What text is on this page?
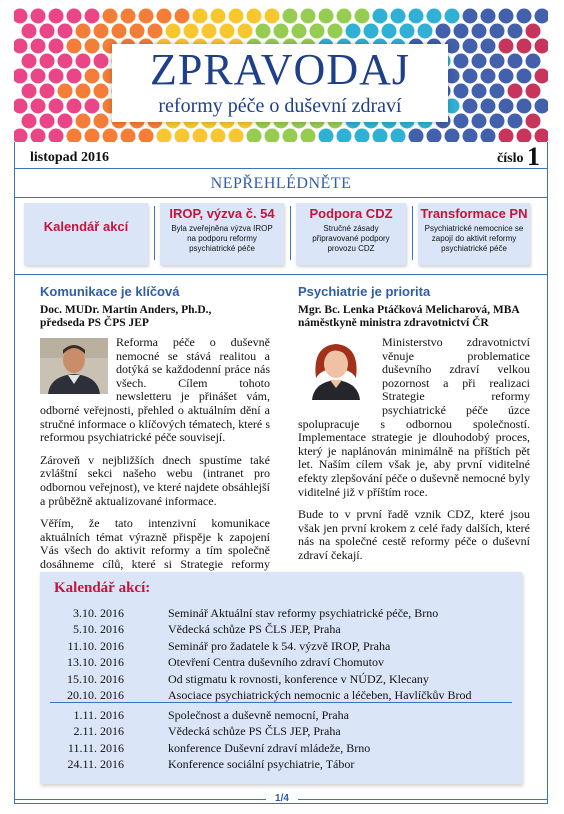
ZPRAVODAJ
reformy péče o duševní zdraví
listopad 2016	číslo 1
NEPŘEHLÉDNĚTE
Kalendář akcí
IROP, výzva č. 54
Byla zveřejněna výzva IROP na podporu reformy psychiatrické péče
Podpora CDZ
Stručné zásady připravované podpory provozu CDZ
Transformace PN
Psychiatrické nemocnice se zapojí do aktivit reformy psychiatrické péče
Komunikace je klíčová
Doc. MUDr. Martin Anders, Ph.D.,
předseda PS ČPS JEP

Reforma péče o duševně nemocné se stává realitou a dotýká se každodenní práce nás všech. Cílem tohoto newsletteru je přinášet vám, odborné veřejnosti, přehled o aktuálním dění a stručné informace o klíčových tématech, které s reformou psychiatrické péče souvisejí.

Zároveň v nejbližších dnech spustíme také zvláštní sekci našeho webu (intranet pro odbornou veřejnost), ve které najdete obsáhlejší a průběžně aktualizované informace.

Věřím, že tato intenzivní komunikace aktuálních témat výrazně přispěje k zapojení Vás všech do aktivit reformy a tím společně dosáhneme cílů, které si Strategie reformy

Psychiatrie je priorita
Mgr. Bc. Lenka Ptáčková Melicharová, MBA
náměstkyně ministra zdravotnictví ČR

Ministerstvo zdravotnictví věnuje problematice duševního zdraví velkou pozornost a při realizaci Strategie reformy psychiatrické péče úzce spolupracuje s odbornou společností. Implementace strategie je dlouhodobý proces, který je naplánován minimálně na příštích pět let. Naším cílem však je, aby první viditelné efekty zlepšování péče o duševně nemocné byly viditelné již v příštím roce.

Bude to v první řadě vznik CDZ, které jsou však jen první krokem z celé řady dalších, které nás na společné cestě reformy péče o duševní zdraví čekají.

Kalendář akcí:
3.10. 2016	Seminář Aktuální stav reformy psychiatrické péče, Brno
5.10. 2016	Vědecká schůze PS ČLS JEP, Praha
11.10. 2016	Seminář pro žadatele k 54. výzvě IROP, Praha
13.10. 2016	Otevření Centra duševního zdraví Chomutov
15.10. 2016	Od stigmatu k rovnosti, konference v NÚDZ, Klecany
20.10. 2016	Asociace psychiatrických nemocnic a léčeben, Havlíčkův Brod
1.11. 2016	Společnost a duševně nemocní, Praha
2.11. 2016	Vědecká schůze PS ČLS JEP, Praha
11.11. 2016	konference Duševní zdraví mládeže, Brno
24.11. 2016	Konference sociální psychiatrie, Tábor
1/4
